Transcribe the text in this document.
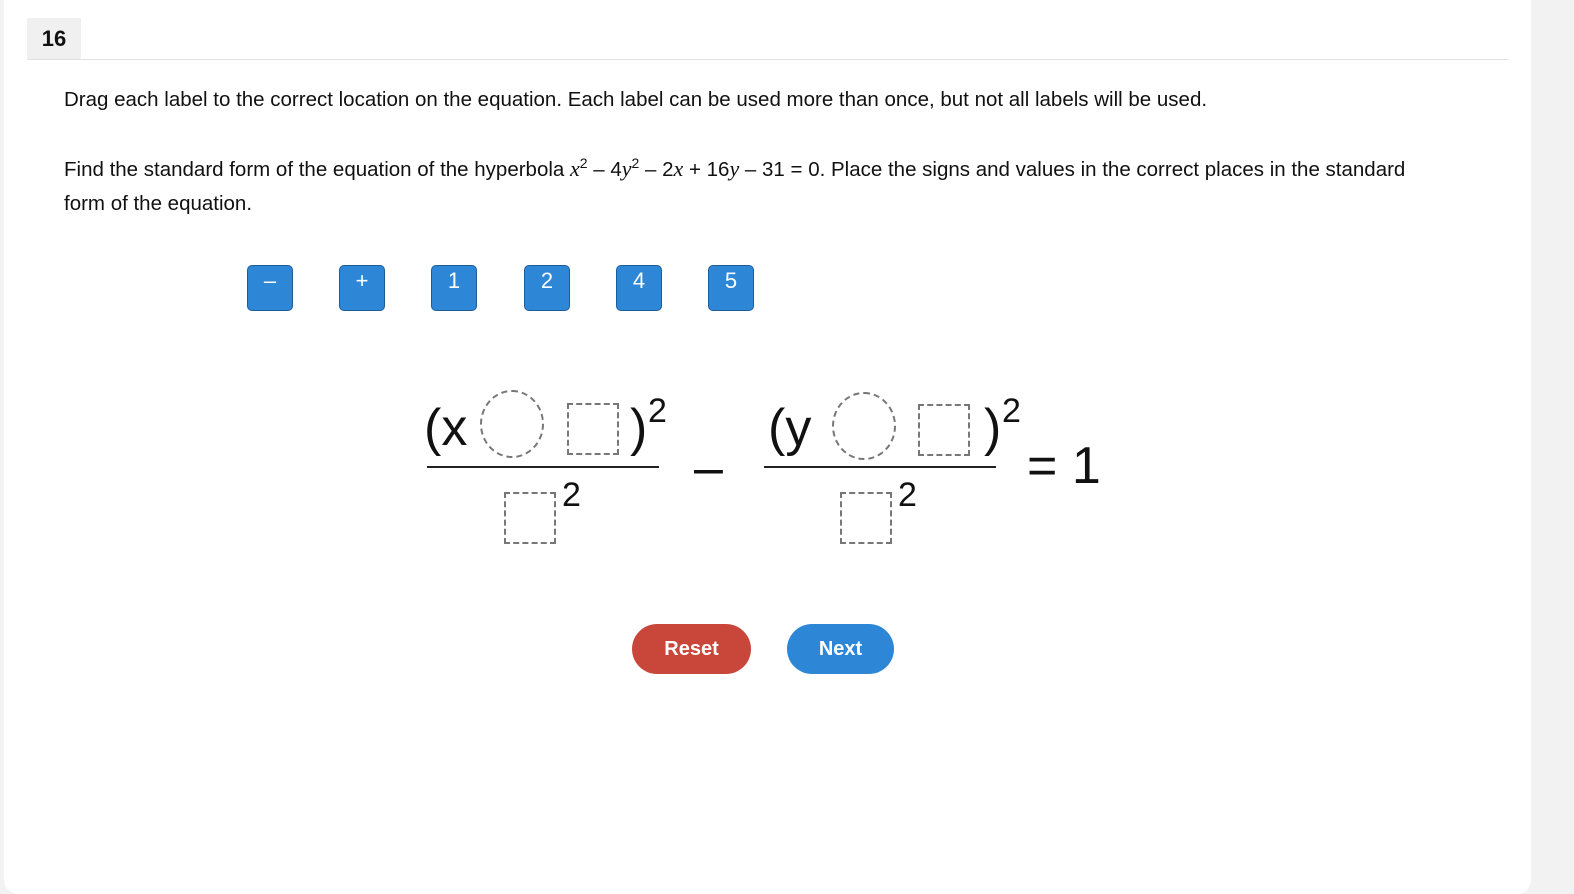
16
Drag each label to the correct location on the equation. Each label can be used more than once, but not all labels will be used.
Find the standard form of the equation of the hyperbola $x^2 - 4y^2 - 2x + 16y - 31 = 0$. Place the signs and values in the correct places in the standard form of the equation.
–	+	1	2	4	5
(x	) 2
2 –
(y	) 2
2 = 1
Reset	Next
